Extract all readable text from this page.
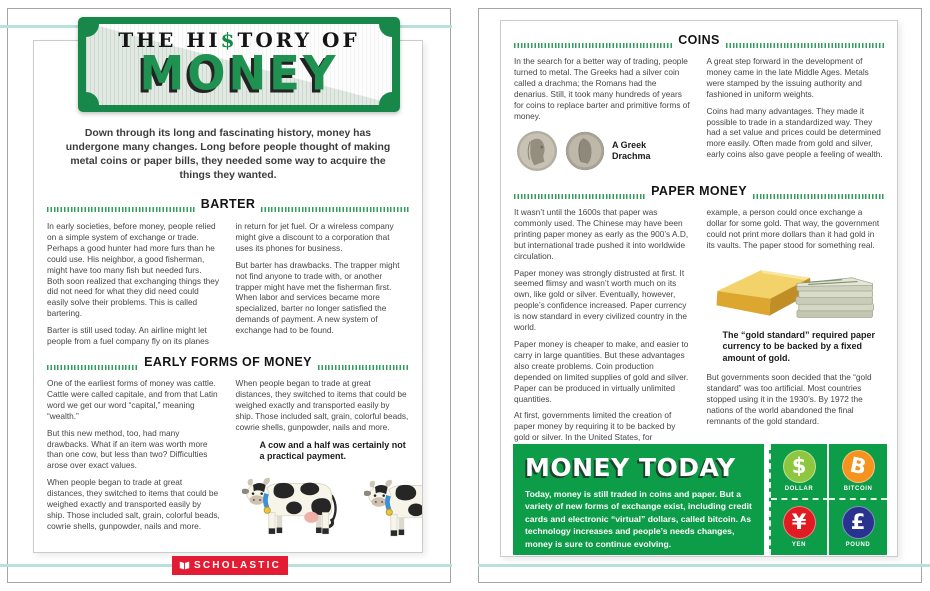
THE HI$TORY OF
MONEY
Down through its long and fascinating history, money has undergone many changes. Long before people thought of making metal coins or paper bills, they needed some way to acquire the things they wanted.
BARTER

In early societies, before money, people relied on a simple system of exchange or trade. Perhaps a good hunter had more furs than he could use. His neighbor, a good fisherman, might have too many fish but needed furs. Both soon realized that exchanging things they did not need for what they did need could easily solve their problems. This is called bartering.

Barter is still used today. An airline might let people from a fuel company fly on its planes

in return for jet fuel. Or a wireless company might give a discount to a corporation that uses its phones for business.

But barter has drawbacks. The trapper might not find anyone to trade with, or another trapper might have met the fisherman first. When labor and services became more specialized, barter no longer satisfied the demands of payment. A new system of exchange had to be found.

EARLY FORMS OF MONEY

One of the earliest forms of money was cattle. Cattle were called capitale, and from that Latin word we get our word “capital,” meaning “wealth.”

But this new method, too, had many drawbacks. What if an item was worth more than one cow, but less than two? Difficulties arose over exact values.

When people began to trade at great distances, they switched to items that could be weighed exactly and transported easily by ship. Those included salt, grain, colorful beads, cowrie shells, gunpowder, nails and more.

When people began to trade at great distances, they switched to items that could be weighed exactly and transported easily by ship. Those included salt, grain, colorful beads, cowrie shells, gunpowder, nails and more.

A cow and a half was certainly not a practical payment.
SCHOLASTIC
COINS

In the search for a better way of trading, people turned to metal. The Greeks had a silver coin called a drachma; the Romans had the denarius. Still, it took many hundreds of years for coins to replace barter and primitive forms of money.

A Greek Drachma

A great step forward in the development of money came in the late Middle Ages. Metals were stamped by the issuing authority and fashioned in uniform weights.

Coins had many advantages. They made it possible to trade in a standardized way. They had a set value and prices could be determined more easily. Often made from gold and silver, early coins also gave people a feeling of wealth.

PAPER MONEY

It wasn’t until the 1600s that paper was commonly used. The Chinese may have been printing paper money as early as the 900’s A.D, but international trade pushed it into worldwide circulation.

Paper money was strongly distrusted at first. It seemed flimsy and wasn’t worth much on its own, like gold or silver. Eventually, however, people’s confidence increased. Paper currency is now standard in every civilized country in the world.

Paper money is cheaper to make, and easier to carry in large quantities. But these advantages also create problems. Coin production depended on limited supplies of gold and silver. Paper can be produced in virtually unlimited quantities.

At first, governments limited the creation of paper money by requiring it to be backed by gold or silver. In the United States, for

example, a person could once exchange a dollar for some gold. That way, the government could not print more dollars than it had gold in its vaults. The paper stood for something real.

The “gold standard” required paper currency to be backed by a fixed amount of gold.

But governments soon decided that the “gold standard” was too artificial. Most countries stopped using it in the 1930’s. By 1972 the nations of the world abandoned the final remnants of the gold standard.

MONEY TODAY
Today, money is still traded in coins and paper. But a variety of new forms of exchange exist, including credit cards and electronic “virtual” dollars, called bitcoin. As technology increases and people’s needs changes, money is sure to continue evolving.
$
DOLLAR
B
BITCOIN
¥
YEN
£
POUND
